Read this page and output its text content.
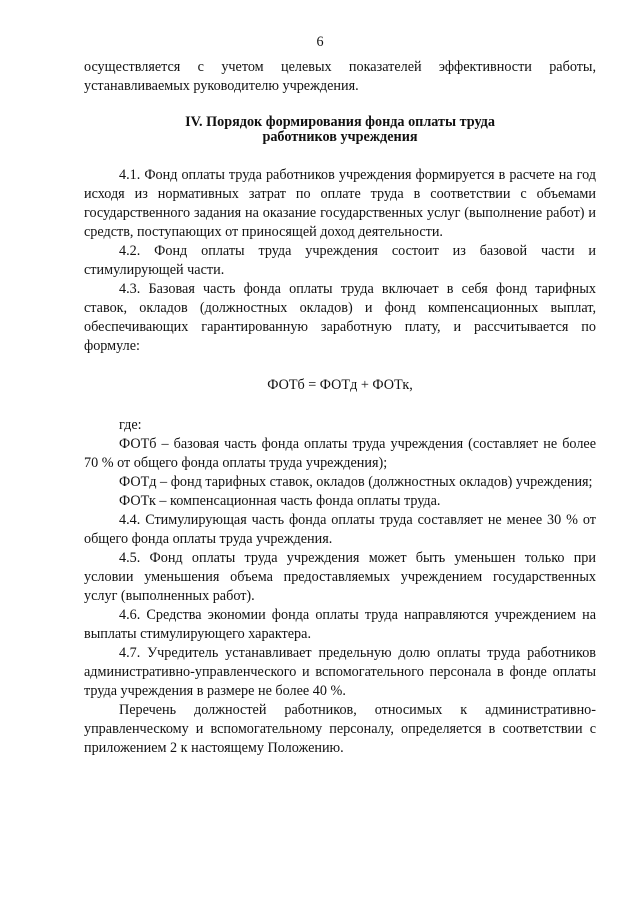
6

осуществляется с учетом целевых показателей эффективности работы, устанавливаемых руководителю учреждения.

IV. Порядок формирования фонда оплаты труда
работников учреждения

4.1. Фонд оплаты труда работников учреждения формируется в расчете на год исходя из нормативных затрат по оплате труда в соответствии с объемами государственного задания на оказание государственных услуг (выполнение работ) и средств, поступающих от приносящей доход деятельности.

4.2. Фонд оплаты труда учреждения состоит из базовой части и стимулирующей части.

4.3. Базовая часть фонда оплаты труда включает в себя фонд тарифных ставок, окладов (должностных окладов) и фонд компенсационных выплат, обеспечивающих гарантированную заработную плату, и рассчитывается по формуле:

ФОТб = ФОТд + ФОТк,

где:

ФОТб – базовая часть фонда оплаты труда учреждения (составляет не более 70 % от общего фонда оплаты труда учреждения);

ФОТд – фонд тарифных ставок, окладов (должностных окладов) учреждения;

ФОТк – компенсационная часть фонда оплаты труда.

4.4. Стимулирующая часть фонда оплаты труда составляет не менее 30 % от общего фонда оплаты труда учреждения.

4.5. Фонд оплаты труда учреждения может быть уменьшен только при условии уменьшения объема предоставляемых учреждением государственных услуг (выполненных работ).

4.6. Средства экономии фонда оплаты труда направляются учреждением на выплаты стимулирующего характера.

4.7. Учредитель устанавливает предельную долю оплаты труда работников административно-управленческого и вспомогательного персонала в фонде оплаты труда учреждения в размере не более 40 %.

Перечень должностей работников, относимых к административно-управленческому и вспомогательному персоналу, определяется в соответствии с приложением 2 к настоящему Положению.
